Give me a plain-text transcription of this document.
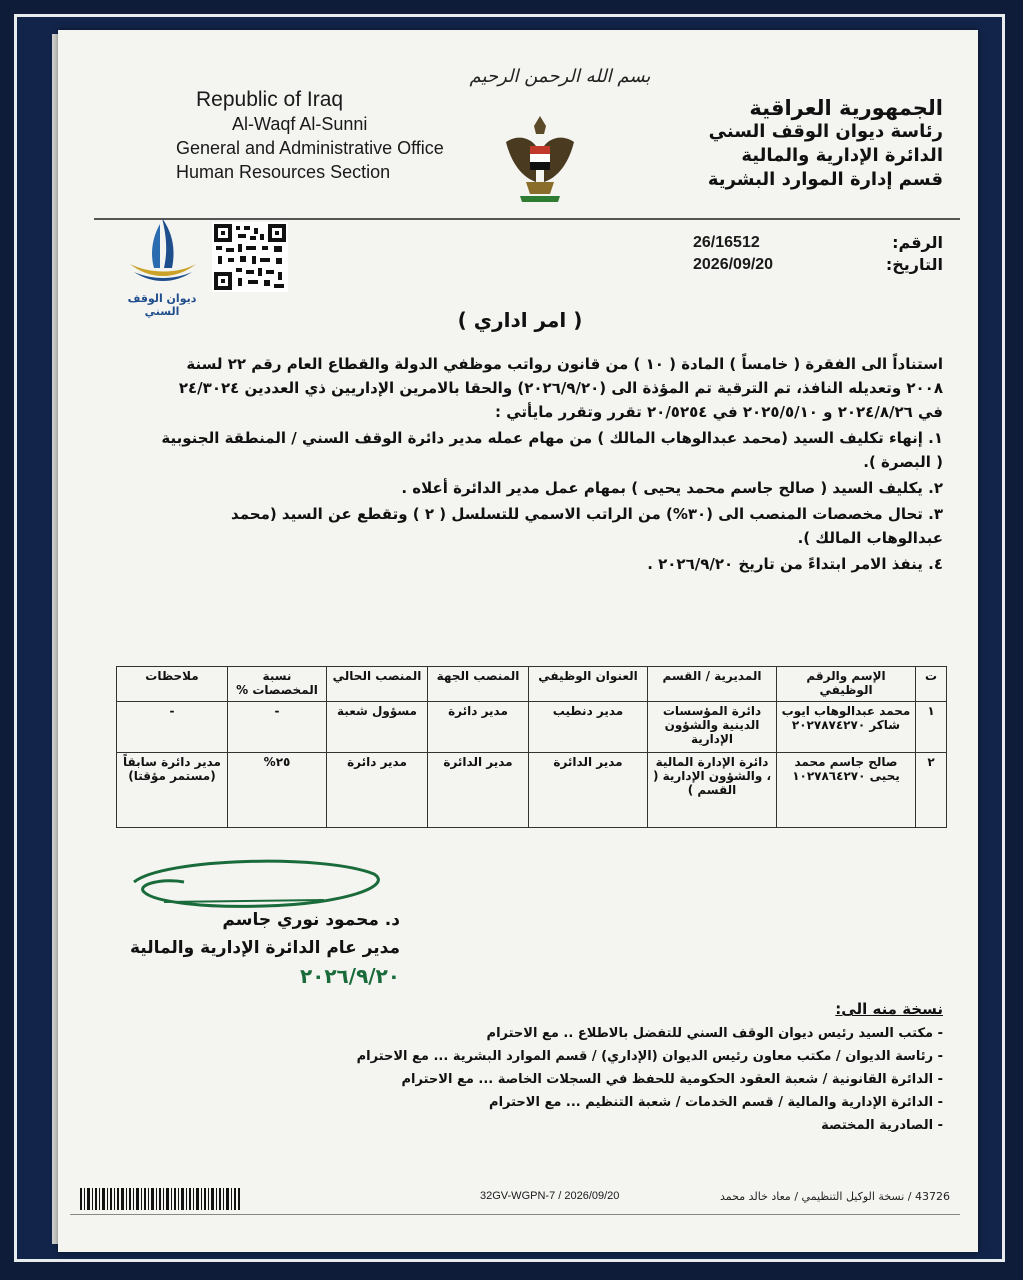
بسم الله الرحمن الرحيم
الجمهورية العراقية
رئاسة ديوان الوقف السني
الدائرة الإدارية والمالية
قسم إدارة الموارد البشرية
Republic of Iraq
Al-Waqf Al-Sunni
General and Administrative Office
Human Resources Section
ديوان الوقف السني
الرقم:
26/16512
التاريخ:
2026/09/20
( امر اداري )

استناداً الى الفقرة ( خامساً ) المادة ( ١٠ ) من قانون رواتب موظفي الدولة والقطاع العام رقم ٢٢ لسنة ٢٠٠٨ وتعديله النافذ، تم الترقية تم المؤذة الى (٢٠٢٦/٩/٢٠) والحقا بالامرين الإداريين ذي العددين ٢٤/٣٠٢٤ في ٢٠٢٤/٨/٢٦ و ٢٠٢٥/٥/١٠ في ٢٠/٥٢٥٤ تقرر وتقرر مايأتي :

١. إنهاء تكليف السيد (محمد عبدالوهاب المالك ) من مهام عمله مدير دائرة الوقف السني / المنطقة الجنوبية ( البصرة ).

٢. يكليف السيد ( صالح جاسم محمد يحيى ) بمهام عمل مدير الدائرة أعلاه .

٣. تحال مخصصات المنصب الى (٣٠%) من الراتب الاسمي للتسلسل ( ٢ ) وتقطع عن السيد (محمد عبدالوهاب المالك ).

٤. ينفذ الامر ابتداءً من تاريخ ٢٠٢٦/٩/٢٠ .

ت	الإسم والرقم الوظيفي	المديرية / القسم	العنوان الوظيفي	المنصب الجهة	المنصب الحالي	نسبة المخصصات %	ملاحظات
١	محمد عبدالوهاب ايوب شاكر ٢٠٢٧٨٧٤٢٧٠	دائرة المؤسسات الدينية والشؤون الإدارية	مدير دنطيب	مدير دائرة	مسؤول شعبة	-	-
٢	صالح جاسم محمد يحيى ١٠٢٧٨٦٤٢٧٠	دائرة الإدارة المالية ، والشؤون الإدارية ( القسم )	مدير الدائرة	مدير الدائرة	مدير دائرة	٢٥%	مدير دائرة سابقاً (مستمر مؤقتا)
د. محمود نوري جاسم
مدير عام الدائرة الإدارية والمالية
٢٠٢٦/٩/٢٠
نسخة منه الى:
- مكتب السيد رئيس ديوان الوقف السني للتفضل بالاطلاع .. مع الاحترام
- رئاسة الديوان / مكتب معاون رئيس الديوان (الإداري) / قسم الموارد البشرية ... مع الاحترام
- الدائرة القانونية / شعبة العقود الحكومية للحفظ في السجلات الخاصة ... مع الاحترام
- الدائرة الإدارية والمالية / قسم الخدمات / شعبة التنظيم ... مع الاحترام
- الصادرية المختصة
32GV-WGPN-7 / 2026/09/20	43726 / نسخة الوكيل التنظيمي / معاد خالد محمد
